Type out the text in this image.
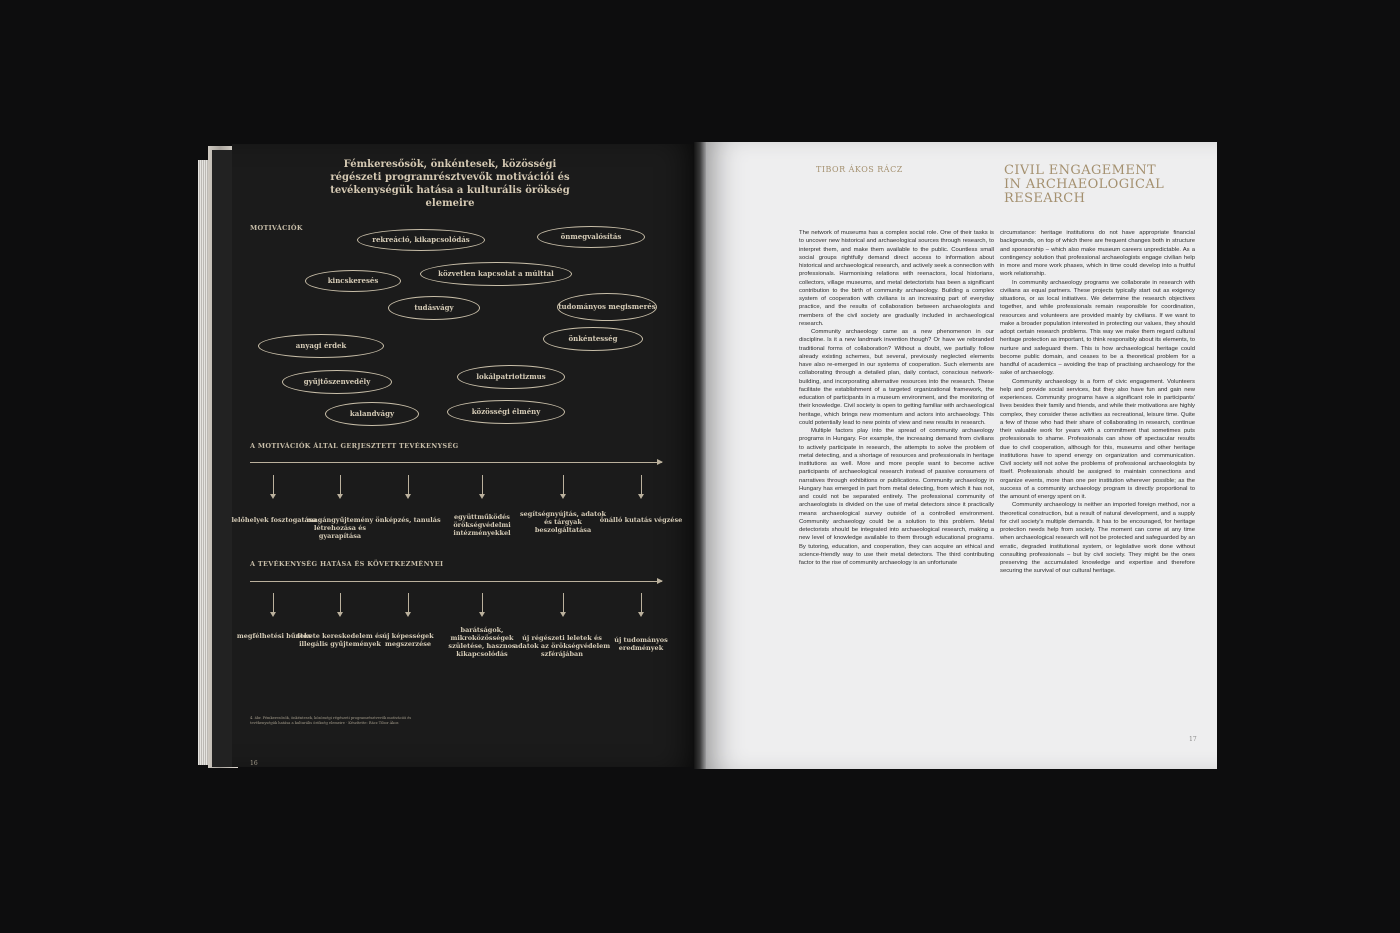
Fémkeresősök, önkéntesek, közösségi régészeti programrésztvevők motivációi és tevékenységük hatása a kulturális örökség elemeire
MOTIVÁCIÓK
rekreáció, kikapcsolódás	önmegvalósítás
kincskeresés
közvetlen kapcsolat a múlttal
tudásvágy	tudományos megismerés
önkéntesség
anyagi érdek
gyűjtőszenvedély
lokálpatriotizmus
kalandvágy	közösségi élmény
A MOTIVÁCIÓK ÁLTAL GERJESZTETT TEVÉKENYSÉG
lelőhelyek fosztogatása
magángyűjtemény létrehozása és gyarapítása
önképzés, tanulás	együttműködés örökségvédelmi intézményekkel
segítségnyújtás, adatok és tárgyak beszolgáltatása
önálló kutatás végzése
A TEVÉKENYSÉG HATÁSA ÉS KÖVETKEZMÉNYEI
megfélhetési bűntés
fekete kereskedelem és illegális gyűjtemények
új képességek megszerzése
barátságok, mikroközösségek születése, hasznos kikapcsolódás
új régészeti leletek és adatok az örökségvédelem szférájában
új tudományos eredmények
4. ábr. Fémkeresősök, önkéntesek, közösségi régészeti programrésztvevők motivációi és tevékenységük hatása a kulturális örökség elemeire · Készítette: Rácz Tibor Ákos
16
TIBOR ÁKOS RÁCZ	CIVIL ENGAGEMENT
IN ARCHAEOLOGICAL
RESEARCH

The network of museums has a complex social role. One of their tasks is to uncover new historical and archaeological sources through research, to interpret them, and make them available to the public. Countless small social groups rightfully demand direct access to information about historical and archaeological research, and actively seek a connection with professionals. Harmonising relations with reenactors, local historians, collectors, village museums, and metal detectorists has been a significant contribution to the birth of community archaeology. Building a complex system of cooperation with civilians is an increasing part of everyday practice, and the results of collaboration between archaeologists and members of the civil society are gradually included in archaeological research.

Community archaeology came as a new phenomenon in our discipline. Is it a new landmark invention though? Or have we rebranded traditional forms of collaboration? Without a doubt, we partially follow already existing schemes, but several, previously neglected elements have also re-emerged in our systems of cooperation. Such elements are collaborating through a detailed plan, daily contact, conscious network-building, and incorporating alternative resources into the research. These facilitate the establishment of a targeted organizational framework, the education of participants in a museum environment, and the monitoring of their knowledge. Civil society is open to getting familiar with archaeological heritage, which brings new momentum and actors into archaeology. This could potentially lead to new points of view and new results in research.

Multiple factors play into the spread of community archaeology programs in Hungary. For example, the increasing demand from civilians to actively participate in research, the attempts to solve the problem of metal detecting, and a shortage of resources and professionals in heritage institutions as well. More and more people want to become active participants of archaeological research instead of passive consumers of narratives through exhibitions or publications. Community archaeology in Hungary has emerged in part from metal detecting, from which it has not, and could not be separated entirely. The professional community of archaeologists is divided on the use of metal detectors since it practically means archaeological survey outside of a controlled environment. Community archaeology could be a solution to this problem. Metal detectorists should be integrated into archaeological research, making a new level of knowledge available to them through educational programs. By tutoring, education, and cooperation, they can acquire an ethical and science-friendly way to use their metal detectors. The third contributing factor to the rise of community archaeology is an unfortunate

circumstance: heritage institutions do not have appropriate financial backgrounds, on top of which there are frequent changes both in structure and sponsorship – which also make museum careers unpredictable. As a contingency solution that professional archaeologists engage civilian help in more and more work phases, which in time could develop into a fruitful work relationship.

In community archaeology programs we collaborate in research with civilians as equal partners. These projects typically start out as exigency situations, or as local initiatives. We determine the research objectives together, and while professionals remain responsible for coordination, resources and volunteers are provided mainly by civilians. If we want to make a broader population interested in protecting our values, they should adopt certain research problems. This way we make them regard cultural heritage protection as important, to think responsibly about its elements, to nurture and safeguard them. This is how archaeological heritage could become public domain, and ceases to be a theoretical problem for a handful of academics – avoiding the trap of practising archaeology for the sake of archaeology.

Community archaeology is a form of civic engagement. Volunteers help and provide social services, but they also have fun and gain new experiences. Community programs have a significant role in participants' lives besides their family and friends, and while their motivations are highly complex, they consider these activities as recreational, leisure time. Quite a few of those who had their share of collaborating in research, continue their valuable work for years with a commitment that sometimes puts professionals to shame. Professionals can show off spectacular results due to civil cooperation, although for this, museums and other heritage institutions have to spend energy on organization and communication. Civil society will not solve the problems of professional archaeologists by itself. Professionals should be assigned to maintain connections and organize events, more than one per institution wherever possible; as the success of a community archaeology program is directly proportional to the amount of energy spent on it.

Community archaeology is neither an imported foreign method, nor a theoretical construction, but a result of natural development, and a supply for civil society's multiple demands. It has to be encouraged, for heritage protection needs help from society. The moment can come at any time when archaeological research will not be protected and safeguarded by an erratic, degraded institutional system, or legislative work done without consulting professionals – but by civil society. They might be the ones preserving the accumulated knowledge and expertise and therefore securing the survival of our cultural heritage.

17
